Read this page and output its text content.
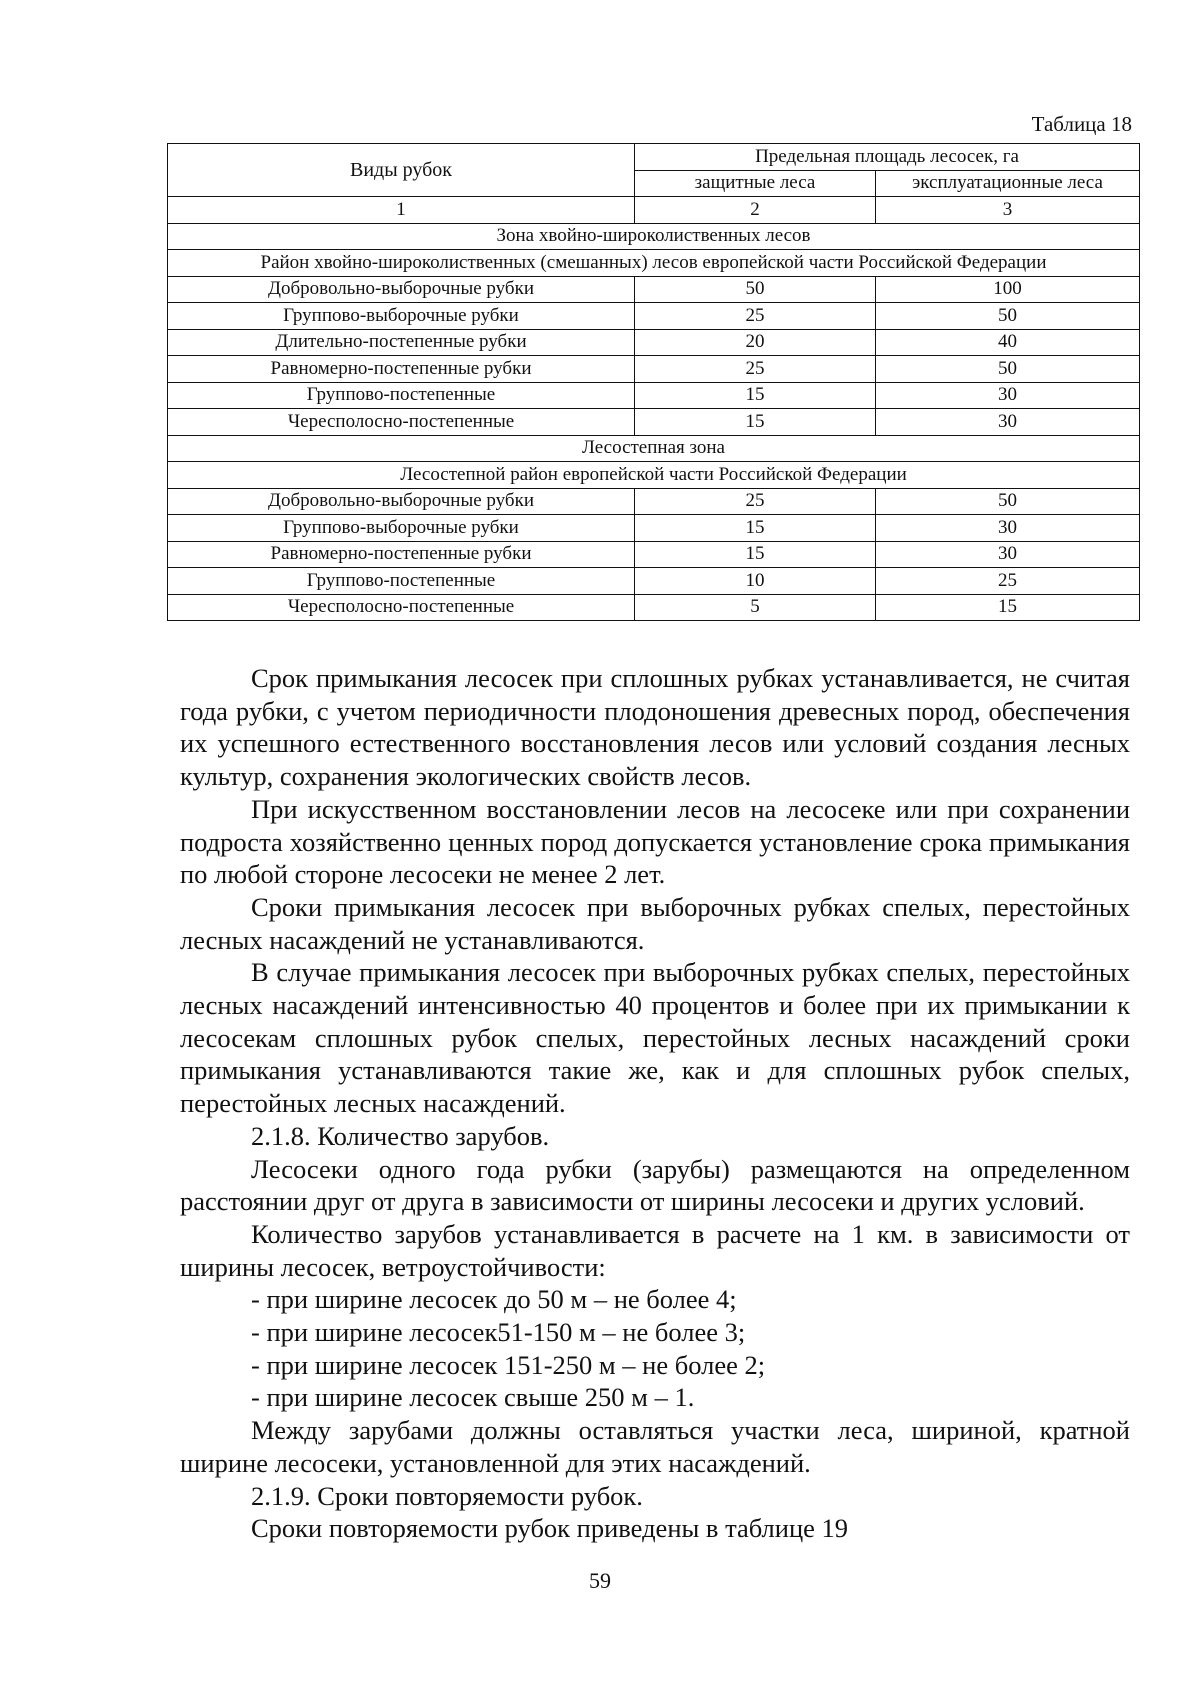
Таблица 18
Виды рубок	Предельная площадь лесосек, га	
	защитные леса	эксплуатационные леса
1	2	3
Зона хвойно-широколиственных лесов		
Район хвойно-широколиственных (смешанных) лесов европейской части Российской Федерации		
Добровольно-выборочные рубки	50	100
Группово-выборочные рубки	25	50
Длительно-постепенные рубки	20	40
Равномерно-постепенные рубки	25	50
Группово-постепенные	15	30
Чересполосно-постепенные	15	30
Лесостепная зона		
Лесостепной район европейской части Российской Федерации		
Добровольно-выборочные рубки	25	50
Группово-выборочные рубки	15	30
Равномерно-постепенные рубки	15	30
Группово-постепенные	10	25
Чересполосно-постепенные	5	15

Срок примыкания лесосек при сплошных рубках устанавливается, не считая года рубки, с учетом периодичности плодоношения древесных пород, обеспечения их успешного естественного восстановления лесов или условий создания лесных культур, сохранения экологических свойств лесов.

При искусственном восстановлении лесов на лесосеке или при сохранении подроста хозяйственно ценных пород допускается установление срока примыкания по любой стороне лесосеки не менее 2 лет.

Сроки примыкания лесосек при выборочных рубках спелых, перестойных лесных насаждений не устанавливаются.

В случае примыкания лесосек при выборочных рубках спелых, перестойных лесных насаждений интенсивностью 40 процентов и более при их примыкании к лесосекам сплошных рубок спелых, перестойных лесных насаждений сроки примыкания устанавливаются такие же, как и для сплошных рубок спелых, перестойных лесных насаждений.

2.1.8. Количество зарубов.

Лесосеки одного года рубки (зарубы) размещаются на определенном расстоянии друг от друга в зависимости от ширины лесосеки и других условий.

Количество зарубов устанавливается в расчете на 1 км. в зависимости от ширины лесосек, ветроустойчивости:

- при ширине лесосек до 50 м – не более 4;

- при ширине лесосек51-150 м – не более 3;

- при ширине лесосек 151-250 м – не более 2;

- при ширине лесосек свыше 250 м – 1.

Между зарубами должны оставляться участки леса, шириной, кратной ширине лесосеки, установленной для этих насаждений.

2.1.9. Сроки повторяемости рубок.

Сроки повторяемости рубок приведены в таблице 19

59
